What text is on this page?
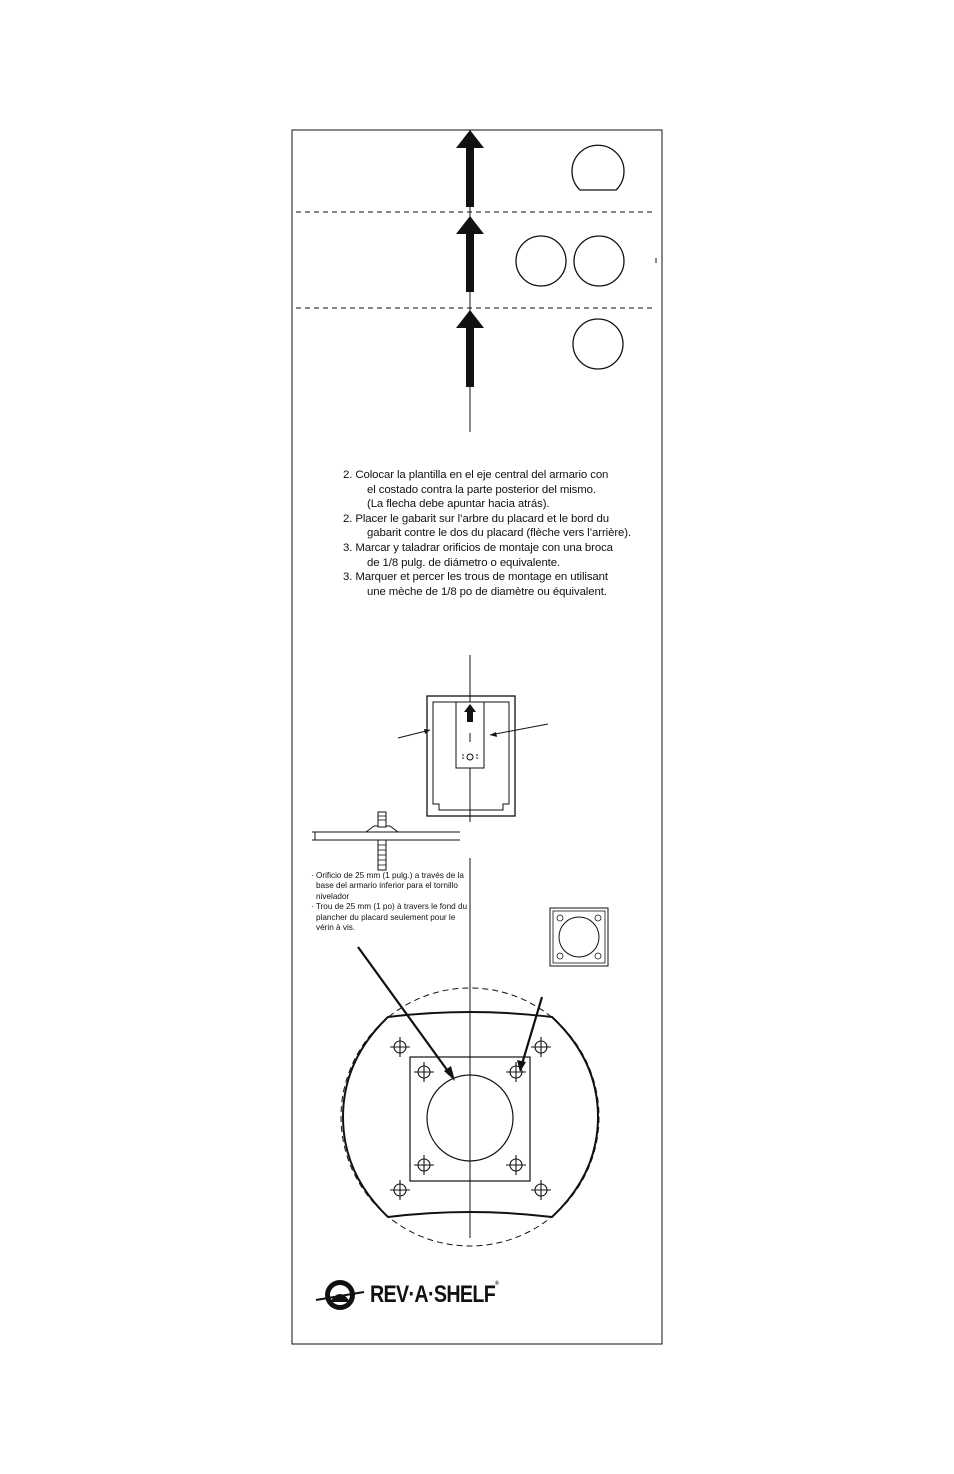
2. Colocar la plantilla en el eje central del armario con
el costado contra la parte posterior del mismo.
(La flecha debe apuntar hacia atrás).

2. Placer le gabarit sur l’arbre du placard et le bord du
gabarit contre le dos du placard (flèche vers l’arrière).

3. Marcar y taladrar orificios de montaje con una broca
de 1/8 pulg. de diámetro o equivalente.

3. Marquer et percer les trous de montage en utilisant
une mèche de 1/8 po de diamètre ou équivalent.

· Orificio de 25 mm (1 pulg.) a través de la base del armario inferior para el tornillo nivelador

· Trou de 25 mm (1 po) à travers le fond du plancher du placard seulement pour le vérin à vis.

REV·A·SHELF®
